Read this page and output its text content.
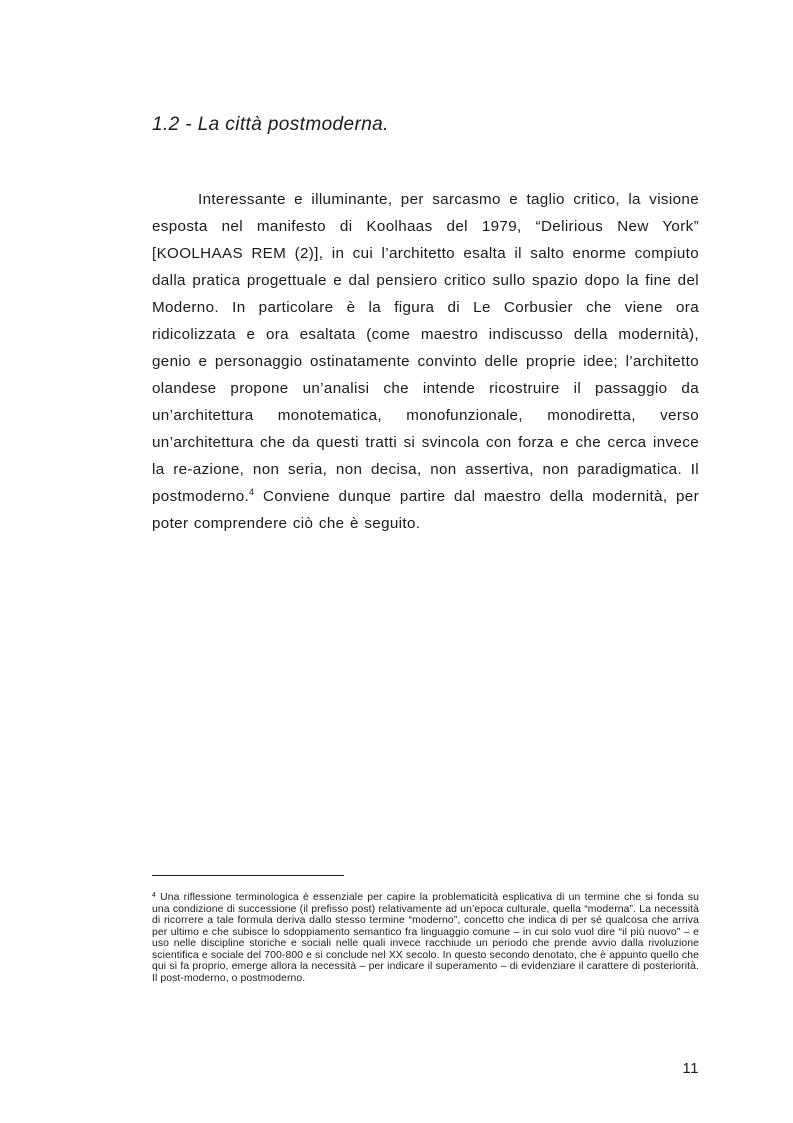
1.2 - La città postmoderna.

Interessante e illuminante, per sarcasmo e taglio critico, la visione esposta nel manifesto di Koolhaas del 1979, “Delirious New York” [KOOLHAAS REM (2)], in cui l’architetto esalta il salto enorme compiuto dalla pratica progettuale e dal pensiero critico sullo spazio dopo la fine del Moderno. In particolare è la figura di Le Corbusier che viene ora ridicolizzata e ora esaltata (come maestro indiscusso della modernità), genio e personaggio ostinatamente convinto delle proprie idee; l’architetto olandese propone un’analisi che intende ricostruire il passaggio da un’architettura monotematica, monofunzionale, monodiretta, verso un’architettura che da questi tratti si svincola con forza e che cerca invece la re-azione, non seria, non decisa, non assertiva, non paradigmatica. Il postmoderno.$^4$ Conviene dunque partire dal maestro della modernità, per poter comprendere ciò che è seguito.

$^4$ Una riflessione terminologica è essenziale per capire la problematicità esplicativa di un termine che si fonda su una condizione di successione (il prefisso post) relativamente ad un’epoca culturale, quella “moderna”. La necessità di ricorrere a tale formula deriva dallo stesso termine “moderno”, concetto che indica di per sé qualcosa che arriva per ultimo e che subisce lo sdoppiamento semantico fra linguaggio comune – in cui solo vuol dire “il più nuovo” – e uso nelle discipline storiche e sociali nelle quali invece racchiude un periodo che prende avvio dalla rivoluzione scientifica e sociale del 700-800 e si conclude nel XX secolo. In questo secondo denotato, che è appunto quello che qui si fa proprio, emerge allora la necessità – per indicare il superamento – di evidenziare il carattere di posteriorità. Il post-moderno, o postmoderno.

11
